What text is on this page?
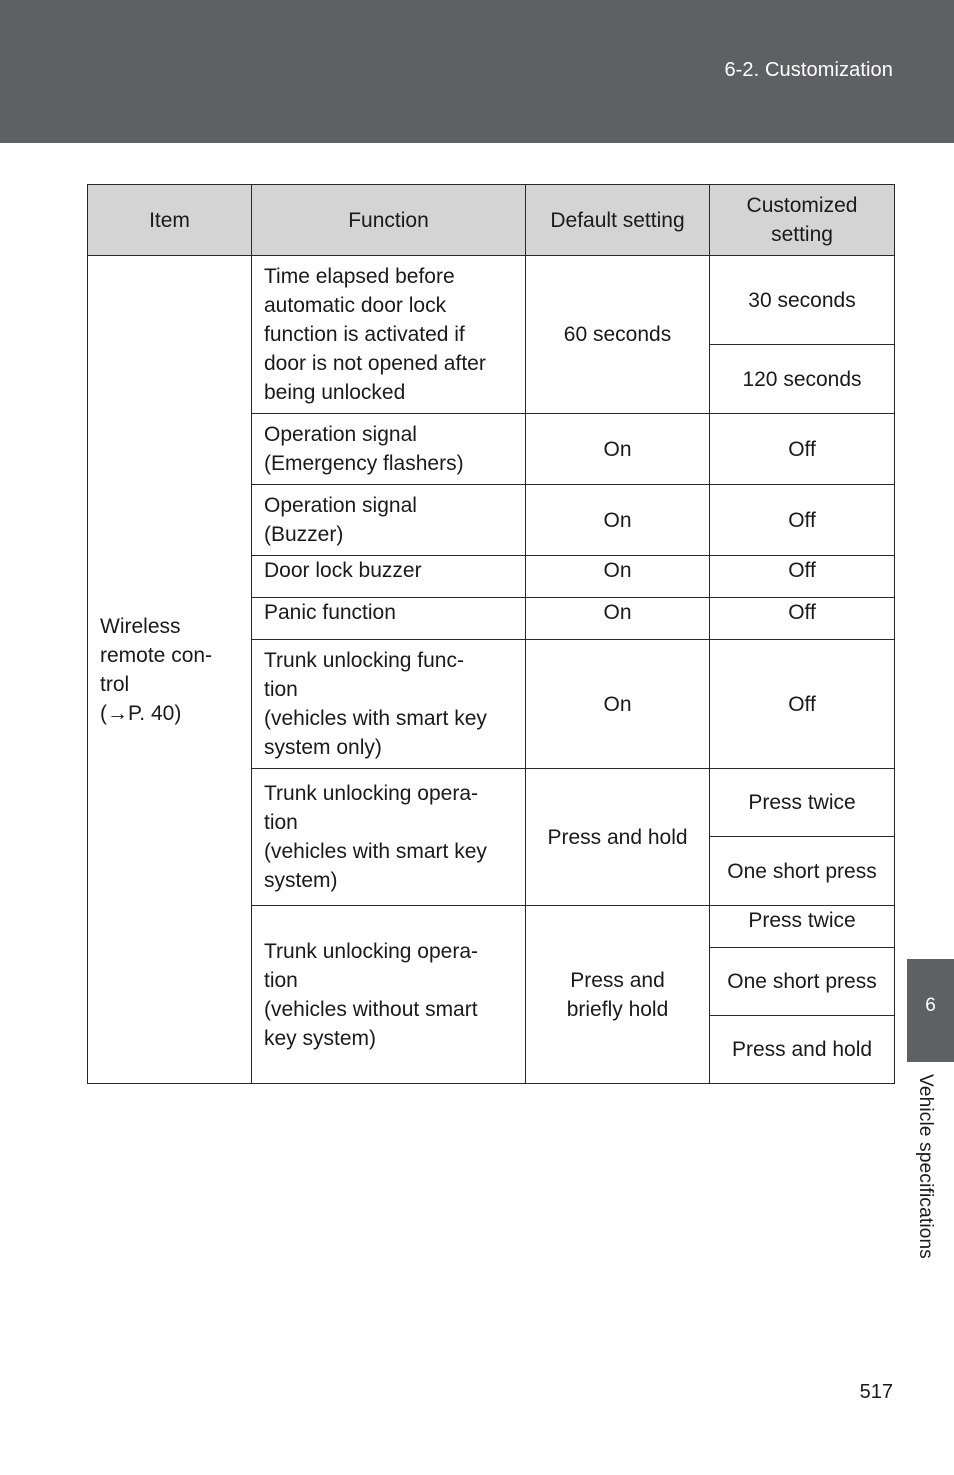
6-2. Customization
Item	Function	Default setting	Customized
setting
Wireless
remote con-
trol
(→P. 40)	Time elapsed before
automatic door lock
function is activated if
door is not opened after
being unlocked	60 seconds	30 seconds
			120 seconds
	Operation signal
(Emergency flashers)	On	Off
	Operation signal
(Buzzer)	On	Off
	Door lock buzzer	On	Off
	Panic function	On	Off
	Trunk unlocking func-
tion
(vehicles with smart key
system only)	On	Off
	Trunk unlocking opera-
tion
(vehicles with smart key
system)	Press and hold	Press twice
			One short press
	Trunk unlocking opera-
tion
(vehicles without smart
key system)	Press and
briefly hold	Press twice
			One short press
			Press and hold
6
Vehicle specifications
517
